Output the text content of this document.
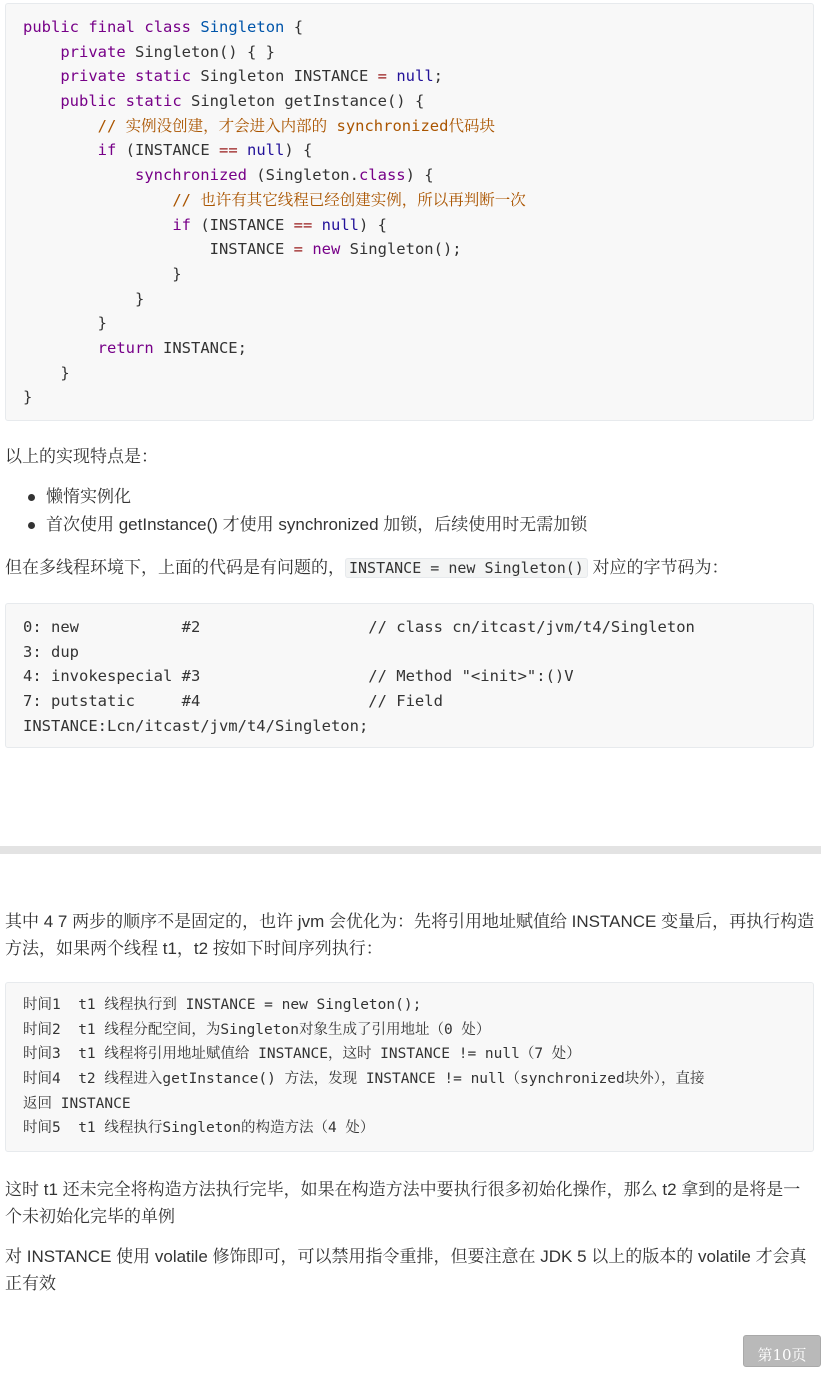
public final class Singleton {
private Singleton() { }
private static Singleton INSTANCE = null;
public static Singleton getInstance() {
// 实例没创建，才会进入内部的 synchronized代码块
if (INSTANCE == null) {
synchronized (Singleton.class) {
// 也许有其它线程已经创建实例，所以再判断一次
if (INSTANCE == null) {
INSTANCE = new Singleton();
}
}
}
return INSTANCE;
}
}

以上的实现特点是：

懒惰实例化
首次使用 getInstance() 才使用 synchronized 加锁，后续使用时无需加锁

但在多线程环境下，上面的代码是有问题的， INSTANCE = new Singleton() 对应的字节码为：

0: new           #2                  // class cn/itcast/jvm/t4/Singleton
3: dup
4: invokespecial #3                  // Method "<init>":()V
7: putstatic     #4                  // Field
INSTANCE:Lcn/itcast/jvm/t4/Singleton;

其中 4 7 两步的顺序不是固定的，也许 jvm 会优化为：先将引用地址赋值给 INSTANCE 变量后，再执行构造方法，如果两个线程 t1，t2 按如下时间序列执行：

时间1  t1 线程执行到 INSTANCE = new Singleton();
时间2  t1 线程分配空间，为Singleton对象生成了引用地址（0 处）
时间3  t1 线程将引用地址赋值给 INSTANCE，这时 INSTANCE != null（7 处）
时间4  t2 线程进入getInstance() 方法，发现 INSTANCE != null（synchronized块外），直接
返回 INSTANCE
时间5  t1 线程执行Singleton的构造方法（4 处）

这时 t1 还未完全将构造方法执行完毕，如果在构造方法中要执行很多初始化操作，那么 t2 拿到的是将是一个未初始化完毕的单例

对 INSTANCE 使用 volatile 修饰即可，可以禁用指令重排，但要注意在 JDK 5 以上的版本的 volatile 才会真正有效

第10页
